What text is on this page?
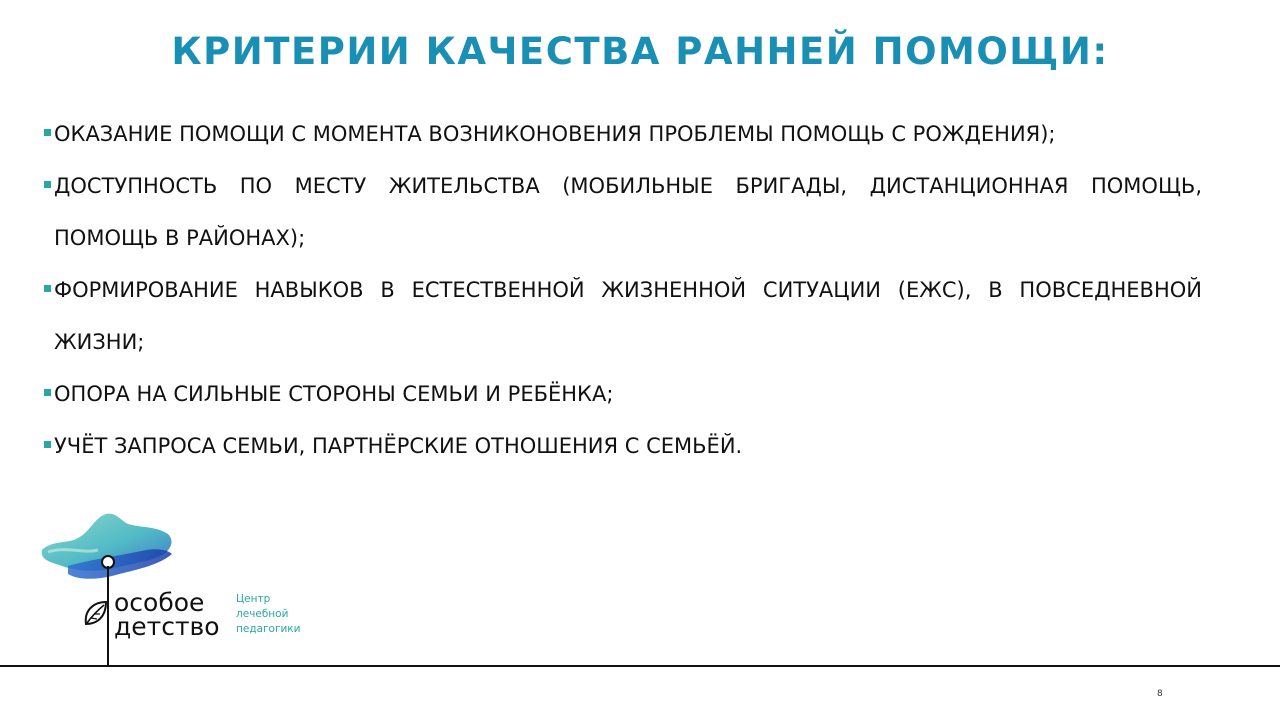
КРИТЕРИИ КАЧЕСТВА РАННЕЙ ПОМОЩИ:
ОКАЗАНИЕ ПОМОЩИ С МОМЕНТА ВОЗНИКОНОВЕНИЯ ПРОБЛЕМЫ ПОМОЩЬ С РОЖДЕНИЯ);
ДОСТУПНОСТЬ ПО МЕСТУ ЖИТЕЛЬСТВА (МОБИЛЬНЫЕ БРИГАДЫ, ДИСТАНЦИОННАЯ ПОМОЩЬ, ПОМОЩЬ В РАЙОНАХ);
ФОРМИРОВАНИЕ НАВЫКОВ В ЕСТЕСТВЕННОЙ ЖИЗНЕННОЙ СИТУАЦИИ (ЕЖС), В ПОВСЕДНЕВНОЙ ЖИЗНИ;
ОПОРА НА СИЛЬНЫЕ СТОРОНЫ СЕМЬИ И РЕБЁНКА;
УЧЁТ ЗАПРОСА СЕМЬИ, ПАРТНЁРСКИЕ ОТНОШЕНИЯ С СЕМЬЁЙ.
особое
детство
Центр
лечебной
педагогики
8
